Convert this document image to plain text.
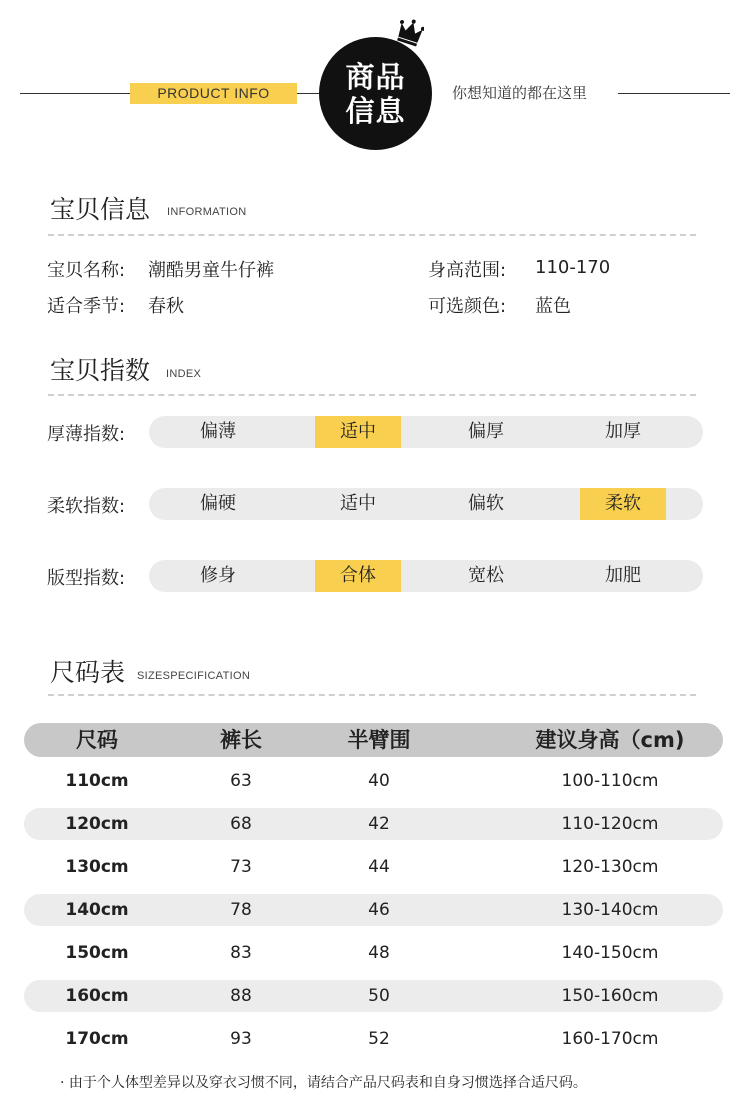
PRODUCT INFO	商品
信息
你想知道的都在这里
宝贝信息 INFORMATION
宝贝名称: 潮酷男童牛仔裤	身高范围: 110-170
适合季节: 春秋	可选颜色: 蓝色
宝贝指数 INDEX
厚薄指数:	偏薄	适中	偏厚	加厚
柔软指数:	偏硬	适中	偏软	柔软
版型指数:	修身	合体	宽松	加肥
尺码表 SIZESPECIFICATION
尺码	裤长	半臂围	建议身高（cm)
110cm	63	40	100-110cm
120cm	68	42	110-120cm
130cm	73	44	120-130cm
140cm	78	46	130-140cm
150cm	83	48	140-150cm
160cm	88	50	150-160cm
170cm	93	52	160-170cm
· 由于个人体型差异以及穿衣习惯不同，请结合产品尺码表和自身习惯选择合适尺码。
